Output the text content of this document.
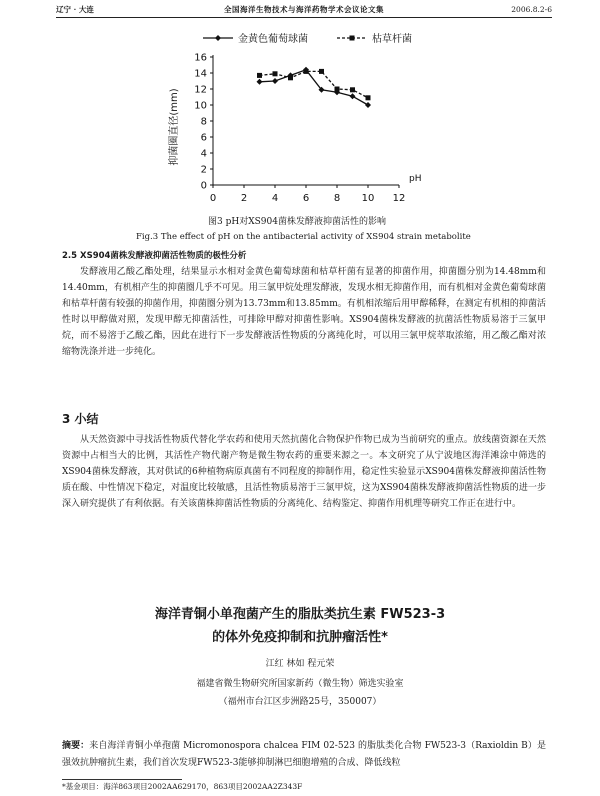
辽宁 · 大连	全国海洋生物技术与海洋药物学术会议论文集	2006.8.2-6
0
2
4
6
8
10
12
14
16
0 2 4 6 8 10 12
pH
抑菌圈直径(mm)
金黄色葡萄球菌	枯草杆菌
图3 pH对XS904菌株发酵液抑菌活性的影响
Fig.3 The effect of pH on the antibacterial activity of XS904 strain metabolite
2.5 XS904菌株发酵液抑菌活性物质的极性分析

发酵液用乙酸乙酯处理，结果显示水相对金黄色葡萄球菌和枯草杆菌有显著的抑菌作用，抑菌圈分别为14.48mm和14.40mm，有机相产生的抑菌圈几乎不可见。用三氯甲烷处理发酵液，发现水相无抑菌作用，而有机相对金黄色葡萄球菌和枯草杆菌有较强的抑菌作用，抑菌圈分别为13.73mm和13.85mm。有机相浓缩后用甲醇稀释，在测定有机相的抑菌活性时以甲醇做对照，发现甲醇无抑菌活性，可排除甲醇对抑菌性影响。XS904菌株发酵液的抗菌活性物质易溶于三氯甲烷，而不易溶于乙酸乙酯，因此在进行下一步发酵液活性物质的分离纯化时，可以用三氯甲烷萃取浓缩，用乙酸乙酯对浓缩物洗涤并进一步纯化。

3 小结

从天然资源中寻找活性物质代替化学农药和使用天然抗菌化合物保护作物已成为当前研究的重点。放线菌资源在天然资源中占相当大的比例，其活性产物代谢产物是微生物农药的重要来源之一。本文研究了从宁波地区海洋滩涂中筛选的XS904菌株发酵液，其对供试的6种植物病原真菌有不同程度的抑制作用，稳定性实验显示XS904菌株发酵液抑菌活性物质在酸、中性情况下稳定，对温度比较敏感，且活性物质易溶于三氯甲烷，这为XS904菌株发酵液抑菌活性物质的进一步深入研究提供了有利依据。有关该菌株抑菌活性物质的分离纯化、结构鉴定、抑菌作用机理等研究工作正在进行中。

海洋青铜小单孢菌产生的脂肽类抗生素 FW523-3
的体外免疫抑制和抗肿瘤活性*
江红 林如 程元荣
福建省微生物研究所国家新药（微生物）筛选实验室
（福州市台江区步洲路25号，350007）

摘要：来自海洋青铜小单孢菌 Micromonospora chalcea FIM 02-523 的脂肽类化合物 FW523-3（Raxioldin B）是强效抗肿瘤抗生素，我们首次发现FW523-3能够抑制淋巴细胞增殖的合成、降低线粒

*基金项目：海洋863项目2002AA629170，863项目2002AA2Z343F
